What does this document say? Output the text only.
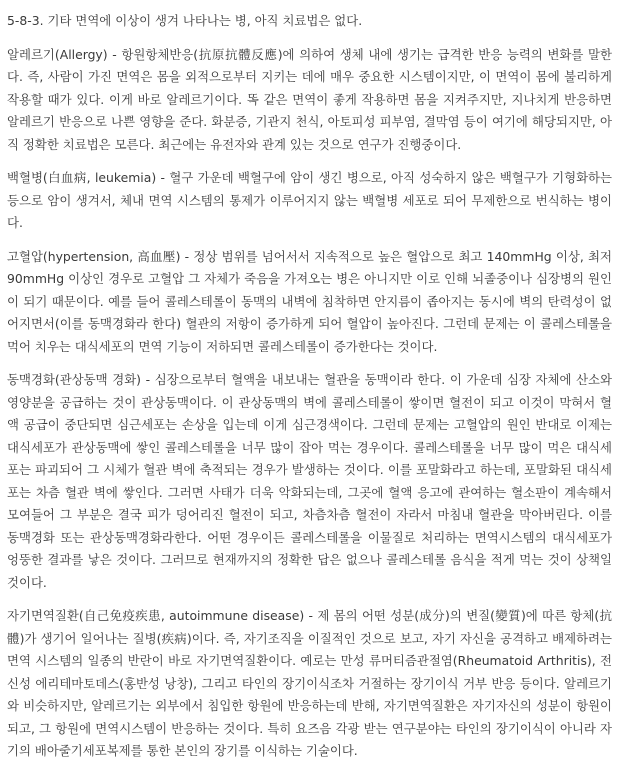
5-8-3. 기타 면역에 이상이 생겨 나타나는 병, 아직 치료법은 없다.

알레르기(Allergy) - 항원항체반응(抗原抗體反應)에 의하여 생체 내에 생기는 급격한 반응 능력의 변화를 말한다. 즉, 사람이 가진 면역은 몸을 외적으로부터 지키는 데에 매우 중요한 시스템이지만, 이 면역이 몸에 불리하게 작용할 때가 있다. 이게 바로 알레르기이다. 똑 같은 면역이 좋게 작용하면 몸을 지켜주지만, 지나치게 반응하면 알레르기 반응으로 나쁜 영향을 준다. 화분증, 기관지 천식, 아토피성 피부염, 결막염 등이 여기에 해당되지만, 아직 정확한 치료법은 모른다. 최근에는 유전자와 관계 있는 것으로 연구가 진행중이다.

백혈병(白血病, leukemia) - 혈구 가운데 백혈구에 암이 생긴 병으로, 아직 성숙하지 않은 백혈구가 기형화하는 등으로 암이 생겨서, 체내 면역 시스템의 통제가 이루어지지 않는 백혈병 세포로 되어 무제한으로 번식하는 병이다.

고혈압(hypertension, 高血壓) - 정상 범위를 넘어서서 지속적으로 높은 혈압으로 최고 140mmHg 이상, 최저 90mmHg 이상인 경우로 고혈압 그 자체가 죽음을 가져오는 병은 아니지만 이로 인해 뇌졸중이나 심장병의 원인이 되기 때문이다. 예를 들어 콜레스테롤이 동맥의 내벽에 침착하면 안지름이 좁아지는 동시에 벽의 탄력성이 없어지면서(이를 동맥경화라 한다) 혈관의 저항이 증가하게 되어 혈압이 높아진다. 그런데 문제는 이 콜레스테롤을 먹어 치우는 대식세포의 면역 기능이 저하되면 콜레스테롤이 증가한다는 것이다.

동맥경화(관상동맥 경화) - 심장으로부터 혈액을 내보내는 혈관을 동맥이라 한다. 이 가운데 심장 자체에 산소와 영양분을 공급하는 것이 관상동맥이다. 이 관상동맥의 벽에 콜레스테롤이 쌓이면 혈전이 되고 이것이 막혀서 혈액 공급이 중단되면 심근세포는 손상을 입는데 이게 심근경색이다. 그런데 문제는 고혈압의 원인 반대로 이제는 대식세포가 관상동맥에 쌓인 콜레스테롤을 너무 많이 잡아 먹는 경우이다. 콜레스테롤을 너무 많이 먹은 대식세포는 파괴되어 그 시체가 혈관 벽에 축적되는 경우가 발생하는 것이다. 이를 포말화라고 하는데, 포말화된 대식세포는 차츰 혈관 벽에 쌓인다. 그러면 사태가 더욱 악화되는데, 그곳에 혈액 응고에 관여하는 혈소판이 계속해서 모여들어 그 부분은 결국 피가 덩어리진 혈전이 되고, 차츰차츰 혈전이 자라서 마침내 혈관을 막아버린다. 이를 동맥경화 또는 관상동맥경화라한다. 어떤 경우이든 콜레스테롤을 이물질로 처리하는 면역시스템의 대식세포가 엉뚱한 결과를 낳은 것이다. 그러므로 현재까지의 정확한 답은 없으나 콜레스테롤 음식을 적게 먹는 것이 상책일 것이다.

자기면역질환(自己免疫疾患, autoimmune disease) - 제 몸의 어떤 성분(成分)의 변질(變質)에 따른 항체(抗體)가 생기어 일어나는 질병(疾病)이다. 즉, 자기조직을 이질적인 것으로 보고, 자기 자신을 공격하고 배제하려는 면역 시스템의 일종의 반란이 바로 자기면역질환이다. 예로는 만성 류머티즘관절염(Rheumatoid Arthritis), 전신성 에리테마토데스(홍반성 낭창), 그리고 타인의 장기이식조차 거절하는 장기이식 거부 반응 등이다. 알레르기와 비슷하지만, 알레르기는 외부에서 침입한 항원에 반응하는데 반해, 자기면역질환은 자기자신의 성분이 항원이 되고, 그 항원에 면역시스템이 반응하는 것이다. 특히 요즈음 각광 받는 연구분야는 타인의 장기이식이 아니라 자기의 배아줄기세포복제를 통한 본인의 장기를 이식하는 기술이다.
